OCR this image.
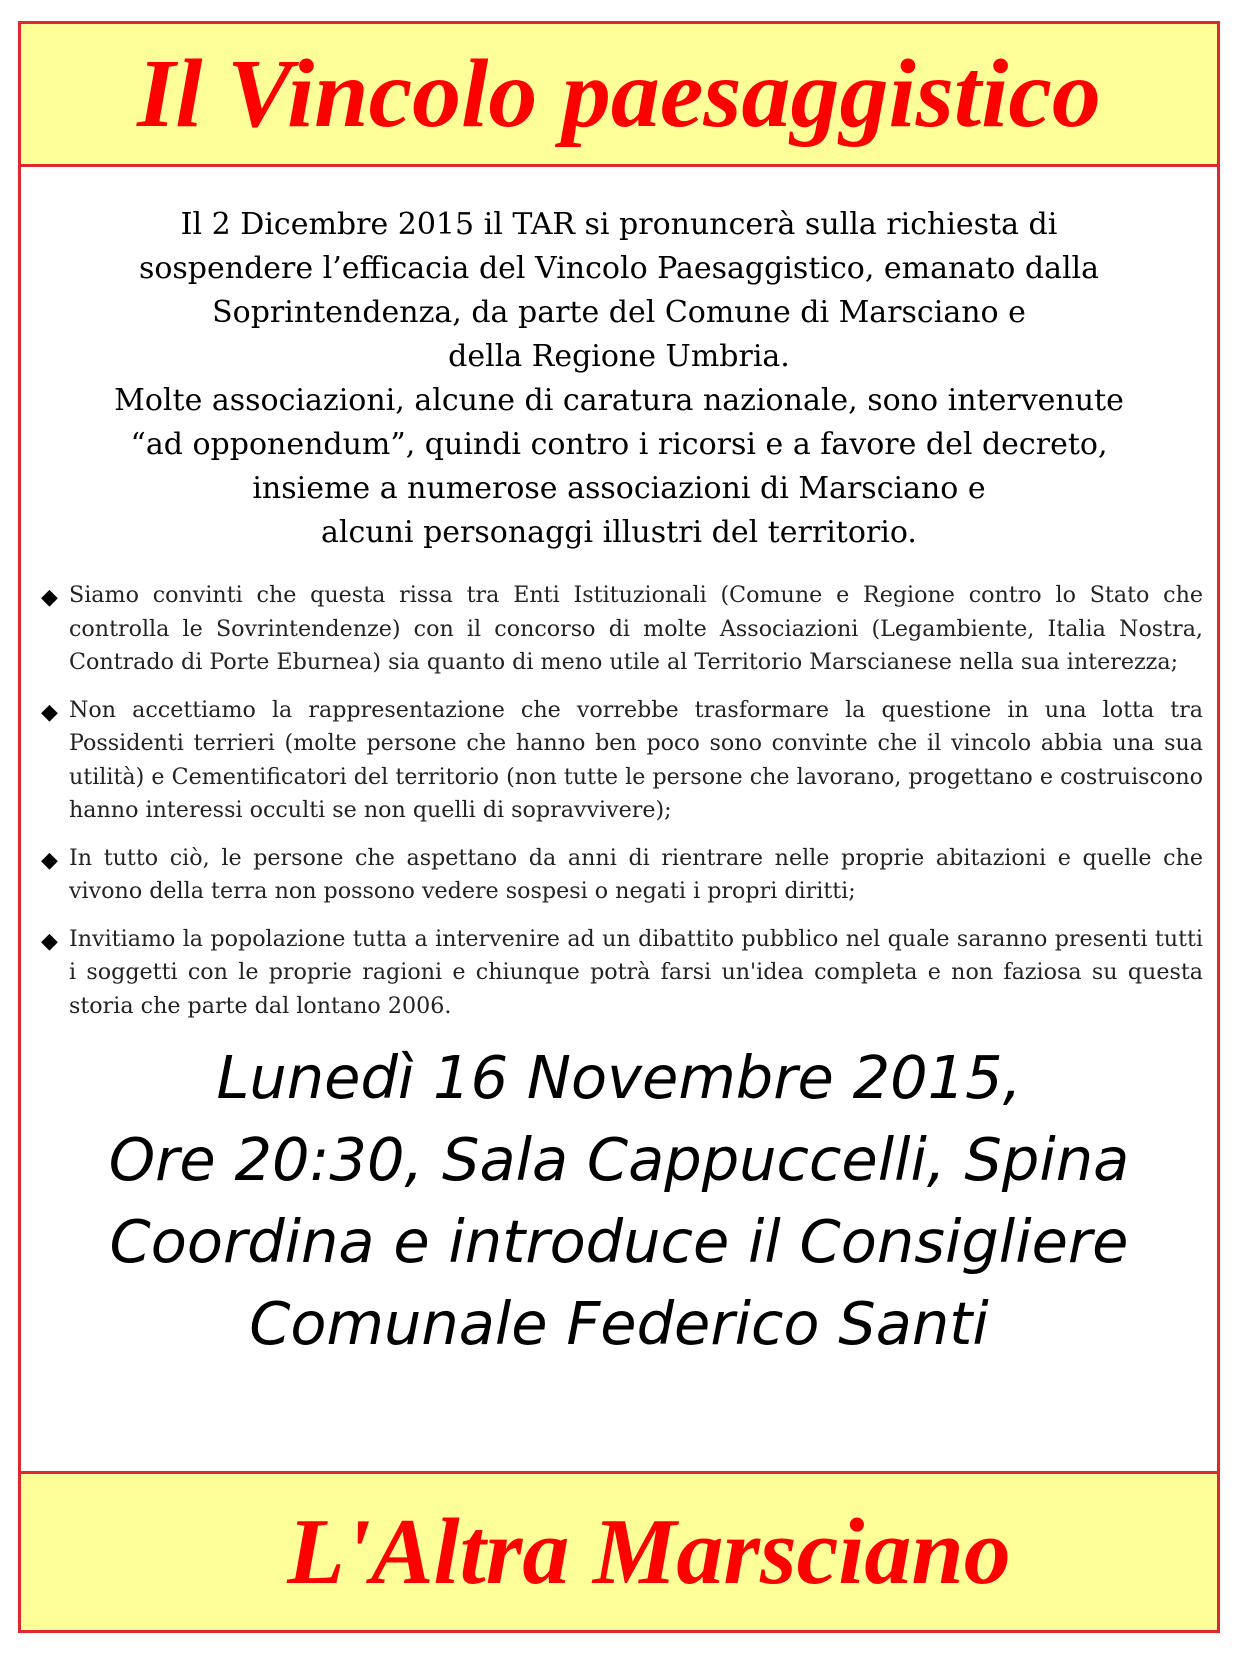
Il Vincolo paesaggistico
Il 2 Dicembre 2015 il TAR si pronuncerà sulla richiesta di
sospendere l’efficacia del Vincolo Paesaggistico, emanato dalla
Soprintendenza, da parte del Comune di Marsciano e
della Regione Umbria.
Molte associazioni, alcune di caratura nazionale, sono intervenute
“ad opponendum”, quindi contro i ricorsi e a favore del decreto,
insieme a numerose associazioni di Marsciano e
alcuni personaggi illustri del territorio.
◆ Siamo convinti che questa rissa tra Enti Istituzionali (Comune e Regione contro lo Stato che controlla le Sovrintendenze) con il concorso di molte Associazioni (Legambiente, Italia Nostra, Contrado di Porte Eburnea) sia quanto di meno utile al Territorio Marscianese nella sua interezza;
◆ Non accettiamo la rappresentazione che vorrebbe trasformare la questione in una lotta tra Possidenti terrieri (molte persone che hanno ben poco sono convinte che il vincolo abbia una sua utilità) e Cementificatori del territorio (non tutte le persone che lavorano, progettano e costruiscono hanno interessi occulti se non quelli di sopravvivere);
◆ In tutto ciò, le persone che aspettano da anni di rientrare nelle proprie abitazioni e quelle che vivono della terra non possono vedere sospesi o negati i propri diritti;
◆ Invitiamo la popolazione tutta a intervenire ad un dibattito pubblico nel quale saranno presenti tutti i soggetti con le proprie ragioni e chiunque potrà farsi un'idea completa e non faziosa su questa storia che parte dal lontano 2006.
Lunedì 16 Novembre 2015,
Ore 20:30, Sala Cappuccelli, Spina
Coordina e introduce il Consigliere
Comunale Federico Santi
L'Altra Marsciano
